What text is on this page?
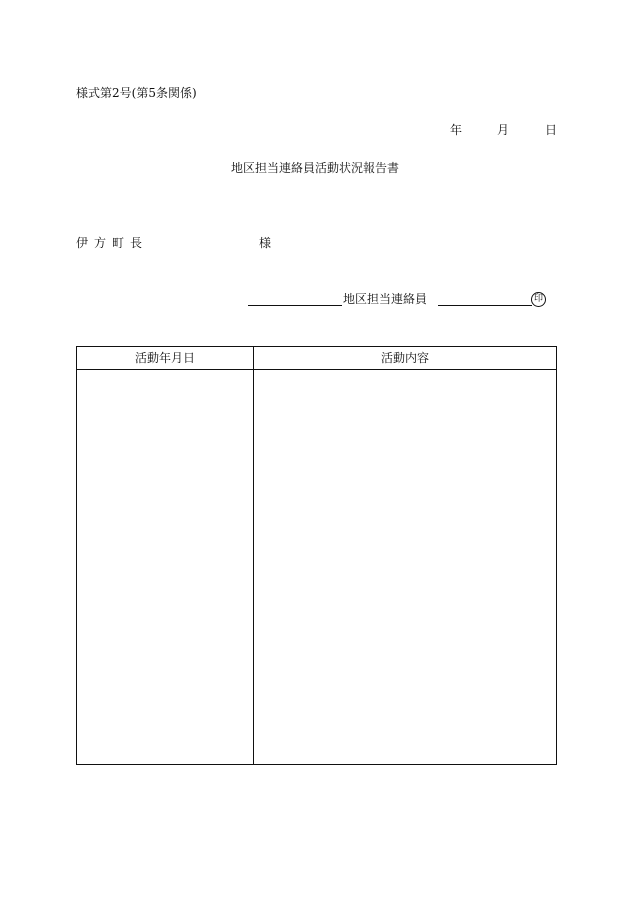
様式第2号(第5条関係)
年	月	日
地区担当連絡員活動状況報告書
伊方町長	様
地区担当連絡員	印
活動年月日	活動内容
